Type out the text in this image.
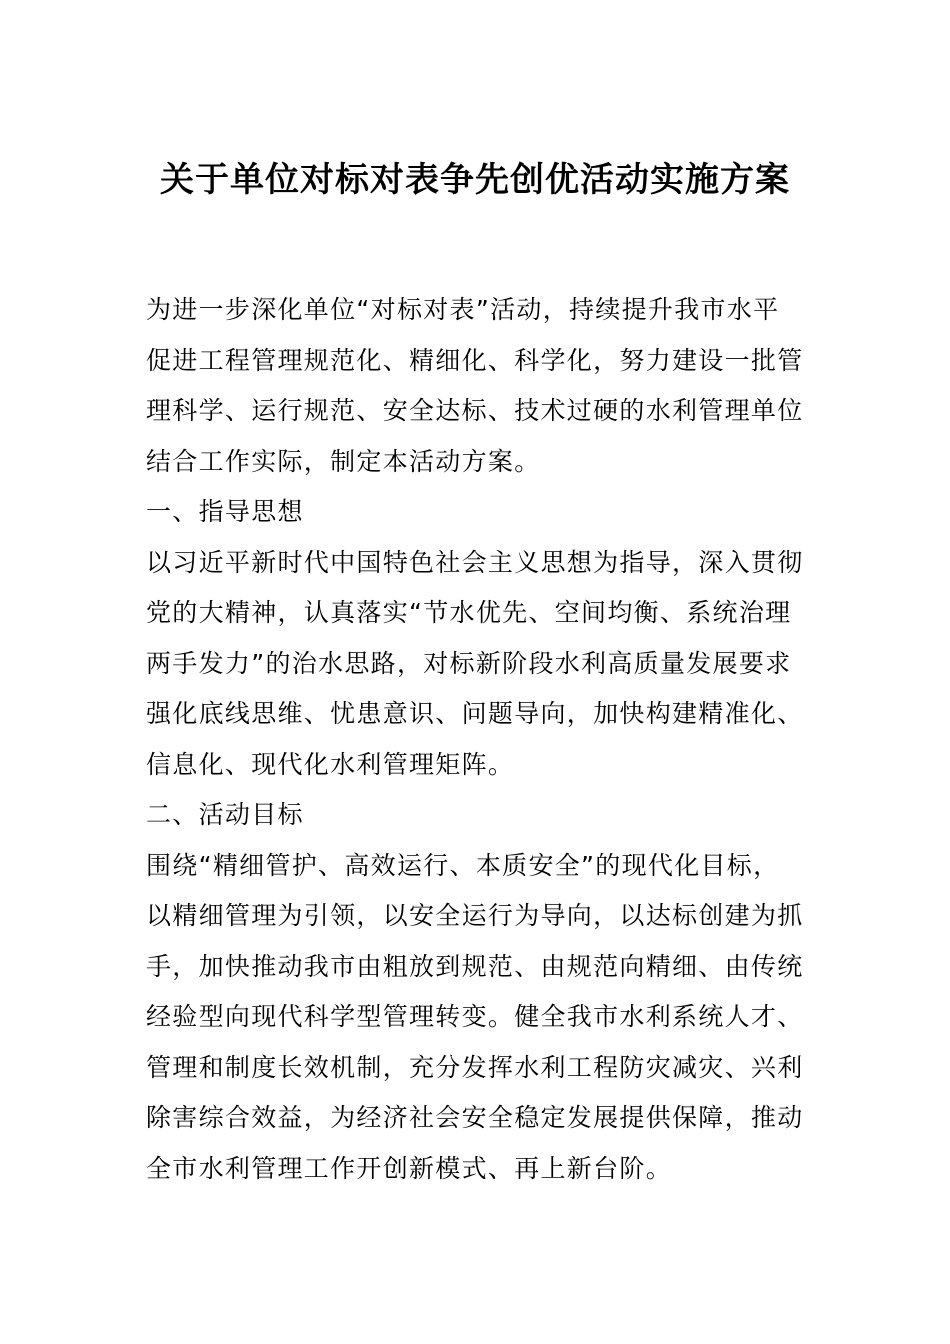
关于单位对标对表争先创优活动实施方案
为进一步深化单位“对标对表”活动，持续提升我市水平
促进工程管理规范化、精细化、科学化，努力建设一批管
理科学、运行规范、安全达标、技术过硬的水利管理单位
结合工作实际，制定本活动方案。
一、指导思想
以习近平新时代中国特色社会主义思想为指导，深入贯彻
党的大精神，认真落实“节水优先、空间均衡、系统治理
两手发力”的治水思路，对标新阶段水利高质量发展要求
强化底线思维、忧患意识、问题导向，加快构建精准化、
信息化、现代化水利管理矩阵。
二、活动目标
围绕“精细管护、高效运行、本质安全”的现代化目标，
以精细管理为引领，以安全运行为导向，以达标创建为抓
手，加快推动我市由粗放到规范、由规范向精细、由传统
经验型向现代科学型管理转变。健全我市水利系统人才、
管理和制度长效机制，充分发挥水利工程防灾减灾、兴利
除害综合效益，为经济社会安全稳定发展提供保障，推动
全市水利管理工作开创新模式、再上新台阶。
